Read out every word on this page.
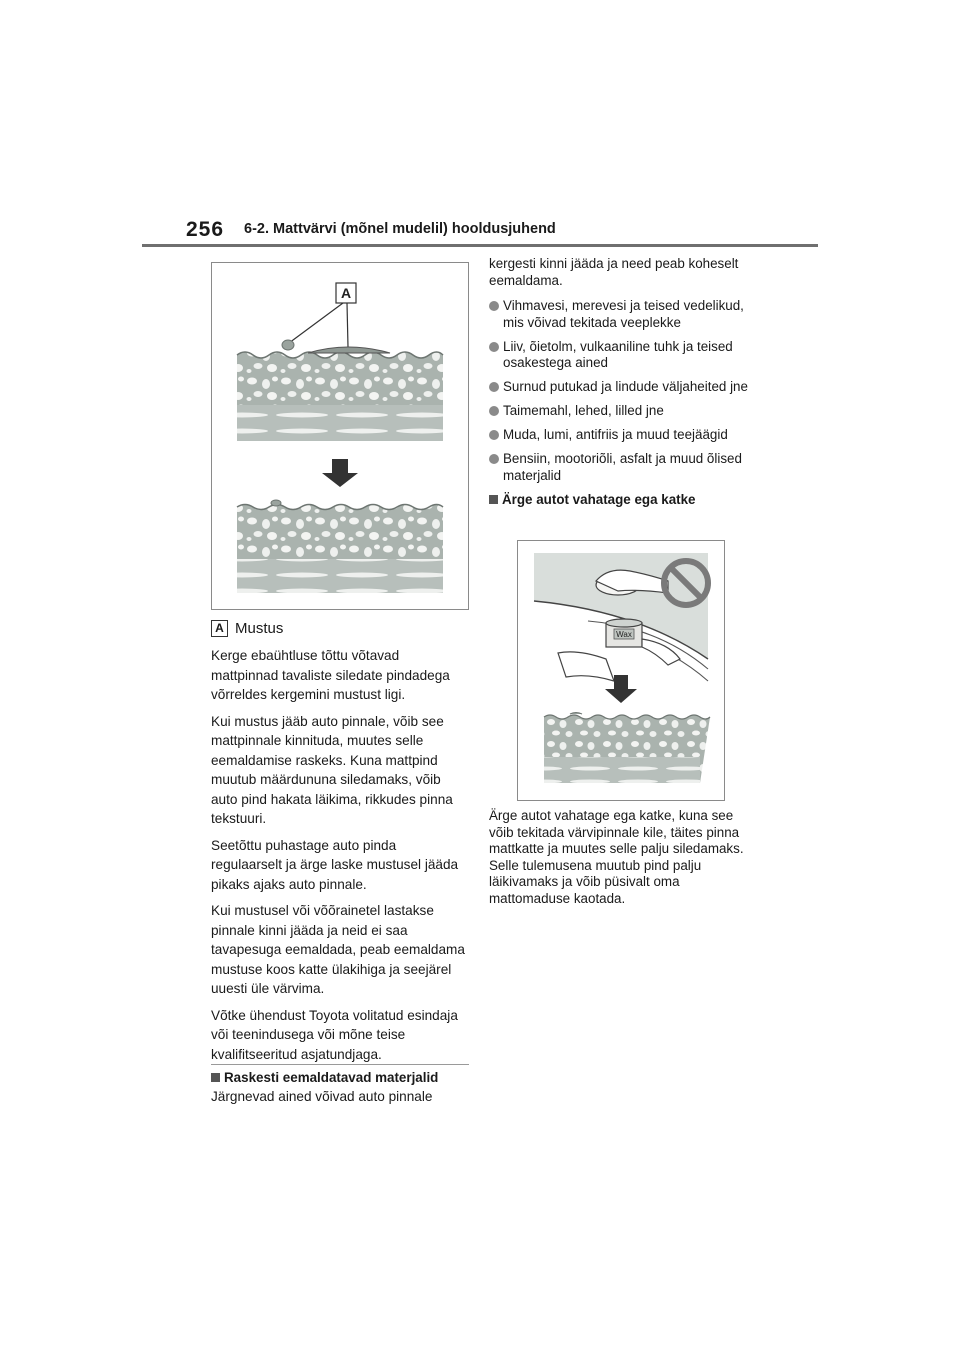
256 6-2. Mattvärvi (mõnel mudelil) hooldusjuhend
A
A Mustus

Kerge ebaühtluse tõttu võtavad mattpinnad tavaliste siledate pindadega võrreldes kergemini mustust ligi.

Kui mustus jääb auto pinnale, võib see mattpinnale kinnituda, muutes selle eemaldamise raskeks. Kuna mattpind muutub määrdununa siledamaks, võib auto pind hakata läikima, rikkudes pinna tekstuuri.

Seetõttu puhastage auto pinda regulaarselt ja ärge laske mustusel jääda pikaks ajaks auto pinnale.

Kui mustusel või võõrainetel lastakse pinnale kinni jääda ja neid ei saa tavapesuga eemaldada, peab eemaldama mustuse koos katte ülakihiga ja seejärel uuesti üle värvima.

Võtke ühendust Toyota volitatud esindaja või teenindusega või mõne teise kvalifitseeritud asjatundjaga.

Raskesti eemaldatavad materjalid
Järgnevad ained võivad auto pinnale

kergesti kinni jääda ja need peab koheselt eemaldama.

Vihmavesi, merevesi ja teised vedelikud, mis võivad tekitada veeplekke
Liiv, õietolm, vulkaaniline tuhk ja teised osakestega ained
Surnud putukad ja lindude väljaheited jne
Taimemahl, lehed, lilled jne
Muda, lumi, antifriis ja muud teejäägid
Bensiin, mootoriõli, asfalt ja muud õlised materjalid
Ärge autot vahatage ega katke
Wax
Ärge autot vahatage ega katke, kuna see võib tekitada värvipinnale kile, täites pinna mattkatte ja muutes selle palju siledamaks. Selle tulemusena muutub pind palju läikivamaks ja võib püsivalt oma mattomaduse kaotada.
